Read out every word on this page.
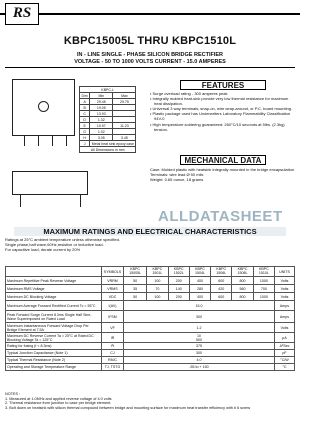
RS
KBPC15005L THRU KBPC1510L
IN - LINE SINGLE - PHASE SILICON BRIDGE RECTIFIER
VOLTAGE - 50 TO 1000 VOLTS CURRENT - 15.0 AMPERES
KBPC-L		
Dim	Min	Max
A	29.45	29.75
B	19.05	
C	13.93	
D	1.32	
E	10.97	11.23
G	1.02	
H	3.05	3.45
J	Metal heat sink epoxy case	
All Dimensions in mm		
FEATURES
• Surge overload rating - 300 amperes peak
• Integrally molded heat-sink provide very low thermal resistance for maximum heat dissipation.
• Universal 3 way terminals; snap-on, wire wrap-around, or P.C. board mounting.
• Plastic package used has Underwriters Laboratory Flammability Classification 94V-0
• High temperature soldering guaranteed: 260°C/10 seconds at 5lbs. (2.3kg) tension.
MECHANICAL DATA
Case: Molded plastic with heatsink integrally mounted in the bridge encapsulation
Terminals: wire lead Ø 50 mils
Weight: 0.65 ounce, 18 grams
ALLDATASHEET
MAXIMUM RATINGS AND ELECTRICAL CHARACTERISTICS
Ratings at 25°C ambient temperature unless otherwise specified.
Single phase,half wave,60Hz,resistive or inductive load.
For capacitive load, derate current by 20%
	SYMBOLS	KBPC 15005L	KBPC 1501L	KBPC 1502L	KBPC 1504L	KBPC 1506L	KBPC 1508L	KBPC 1510L	UNITS
Maximum Repetitive Peak Reverse Voltage	VRRM	50	100	200	400	600	800	1000	Volts
Maximum RMS Voltage	VRMS	35	70	140	280	420	560	700	Volts
Maximum DC Blocking Voltage	VDC	50	100	200	400	600	800	1000	Volts
Maximum Average Forward Rectified Current Tc = 55°C	I(AV)	15.0							Amps
Peak Forward Surge Current 8.3ms Single Half Sine-Wave Superimposed on Rated Load	IFSM	300							Amps
Maximum Instantaneous Forward Voltage Drop Per Bridge Element at 7.5A	VF	1.2							Volts
Maximum DC Reverse Current Ta = 25°C at Rated DC Blocking Voltage Ta = 125°C	IR	10
500							μA
Rating for fusing (t < 8.3ms)	I²t	375							A²Sec
Typical Junction Capacitance (Note 1)	CJ	300							pF
Typical Thermal Resistance (Note 2)	RθJC	4.0							°C/W
Operating and Storage Temperature Range	TJ, TSTG	-55 to + 150							°C
NOTES :
1. Measured at 1.0MHz and applied reverse voltage of 4.0 volts
2. Thermal resistance from junction to case per bridge element.
3. Bolt down on heatsink with silicon thermal compound between bridge and mounting surface for maximum heat transfer efficiency with # 6 screw
